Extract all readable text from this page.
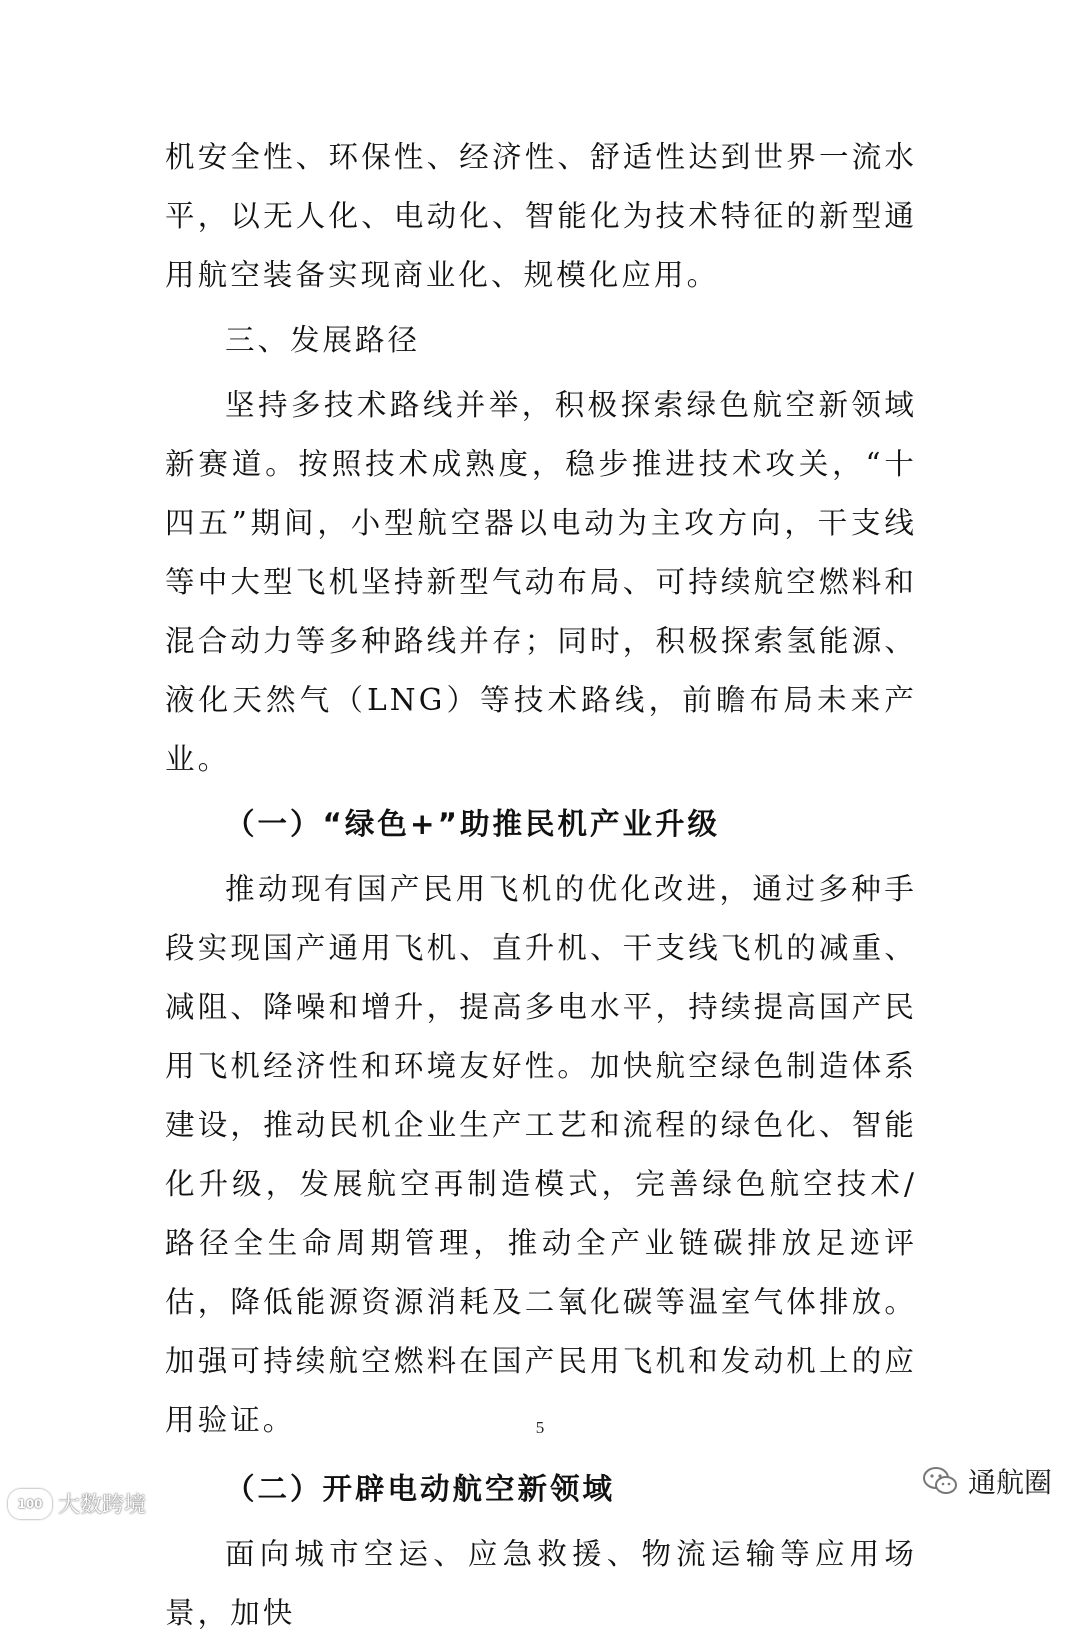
机安全性、环保性、经济性、舒适性达到世界一流水平，以无人化、电动化、智能化为技术特征的新型通用航空装备实现商业化、规模化应用。

三、发展路径

坚持多技术路线并举，积极探索绿色航空新领域新赛道。按照技术成熟度，稳步推进技术攻关，“十四五”期间，小型航空器以电动为主攻方向，干支线等中大型飞机坚持新型气动布局、可持续航空燃料和混合动力等多种路线并存；同时，积极探索氢能源、液化天然气（LNG）等技术路线，前瞻布局未来产业。

（一）“绿色+”助推民机产业升级

推动现有国产民用飞机的优化改进，通过多种手段实现国产通用飞机、直升机、干支线飞机的减重、减阻、降噪和增升，提高多电水平，持续提高国产民用飞机经济性和环境友好性。加快航空绿色制造体系建设，推动民机企业生产工艺和流程的绿色化、智能化升级，发展航空再制造模式，完善绿色航空技术/路径全生命周期管理，推动全产业链碳排放足迹评估，降低能源资源消耗及二氧化碳等温室气体排放。加强可持续航空燃料在国产民用飞机和发动机上的应用验证。

（二）开辟电动航空新领域

面向城市空运、应急救援、物流运输等应用场景，加快

5
100 大数跨境
通航圈
